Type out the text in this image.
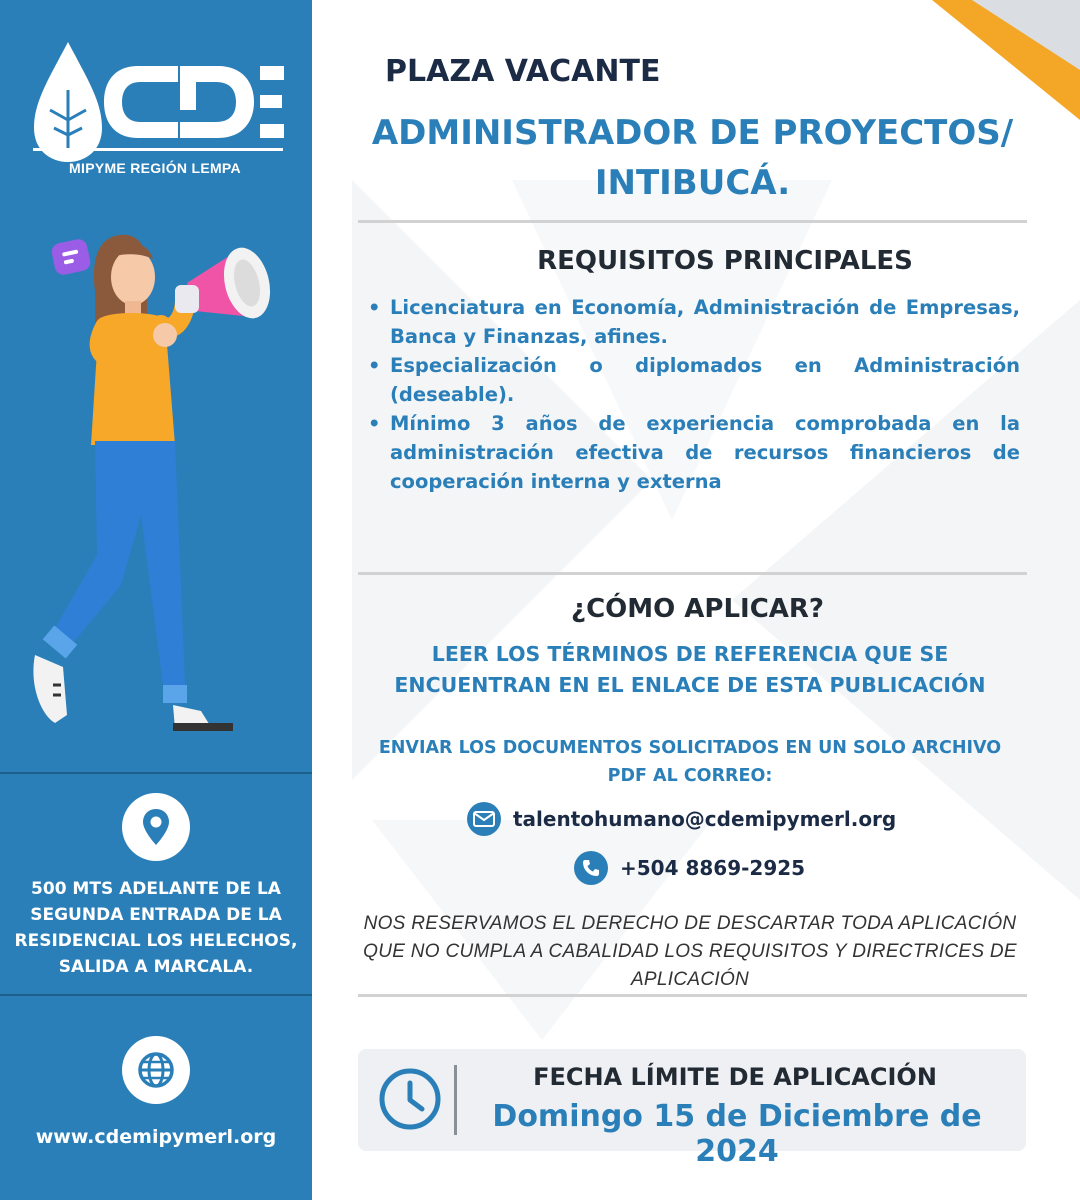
MIPYME REGIÓN LEMPA
500 MTS ADELANTE DE LA SEGUNDA ENTRADA DE LA RESIDENCIAL LOS HELECHOS, SALIDA A MARCALA.
www.cdemipymerl.org
PLAZA VACANTE
ADMINISTRADOR DE PROYECTOS/ INTIBUCÁ.
REQUISITOS PRINCIPALES
• Licenciatura en Economía, Administración de Empresas, Banca y Finanzas, afines.
• Especialización o diplomados en Administración (deseable).
• Mínimo 3 años de experiencia comprobada en la administración efectiva de recursos financieros de cooperación interna y externa
¿CÓMO APLICAR?
LEER LOS TÉRMINOS DE REFERENCIA QUE SE ENCUENTRAN EN EL ENLACE DE ESTA PUBLICACIÓN
ENVIAR LOS DOCUMENTOS SOLICITADOS EN UN SOLO ARCHIVO PDF AL CORREO:
talentohumano@cdemipymerl.org
+504 8869-2925
NOS RESERVAMOS EL DERECHO DE DESCARTAR TODA APLICACIÓN QUE NO CUMPLA A CABALIDAD LOS REQUISITOS Y DIRECTRICES DE APLICACIÓN
FECHA LÍMITE DE APLICACIÓN
Domingo 15 de Diciembre de 2024
